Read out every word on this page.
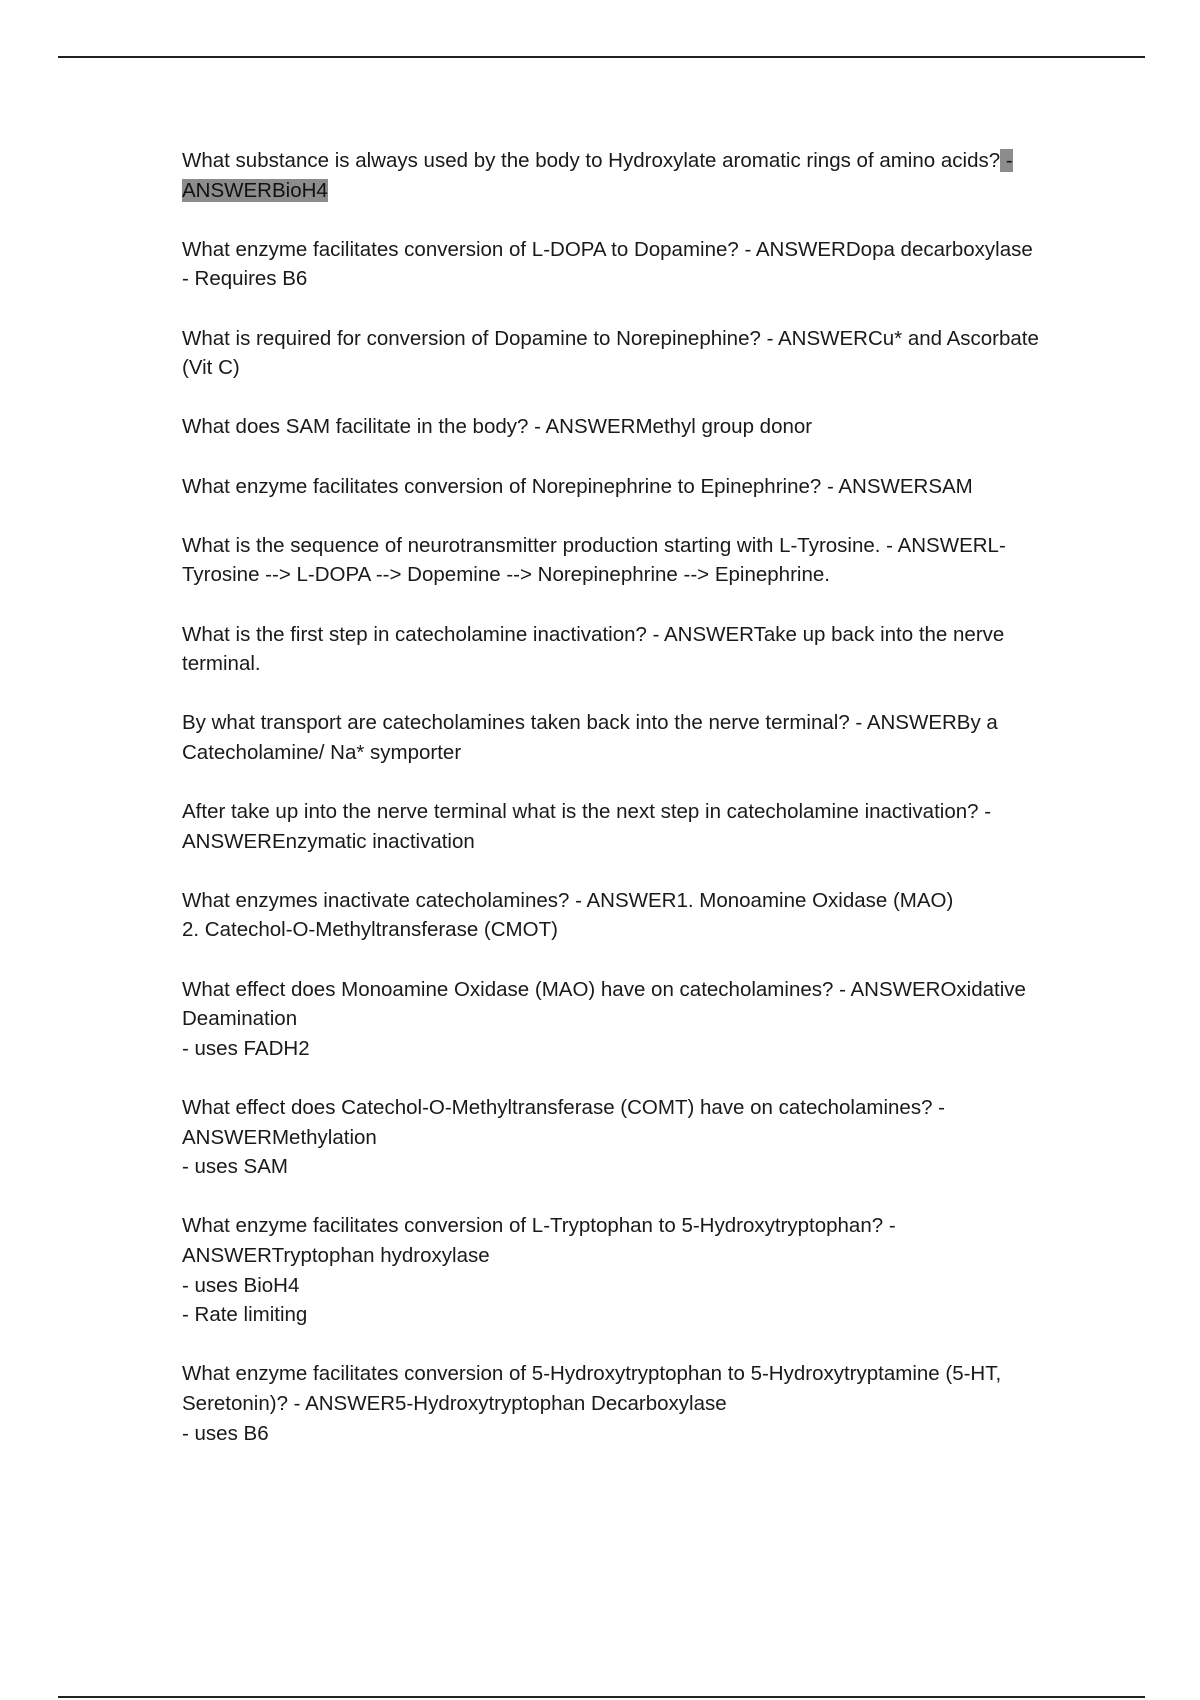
What substance is always used by the body to Hydroxylate aromatic rings of amino acids? - ANSWERBioH4

What enzyme facilitates conversion of L-DOPA to Dopamine? - ANSWERDopa decarboxylase

- Requires B6

What is required for conversion of Dopamine to Norepinephine? - ANSWERCu* and Ascorbate (Vit C)

What does SAM facilitate in the body? - ANSWERMethyl group donor

What enzyme facilitates conversion of Norepinephrine to Epinephrine? - ANSWERSAM

What is the sequence of neurotransmitter production starting with L-Tyrosine. - ANSWERL-Tyrosine --> L-DOPA --> Dopemine --> Norepinephrine --> Epinephrine.

What is the first step in catecholamine inactivation? - ANSWERTake up back into the nerve terminal.

By what transport are catecholamines taken back into the nerve terminal? - ANSWERBy a Catecholamine/ Na* symporter

After take up into the nerve terminal what is the next step in catecholamine inactivation? - ANSWEREnzymatic inactivation

What enzymes inactivate catecholamines? - ANSWER1. Monoamine Oxidase (MAO)

2. Catechol-O-Methyltransferase (CMOT)

What effect does Monoamine Oxidase (MAO) have on catecholamines? - ANSWEROxidative Deamination

- uses FADH2

What effect does Catechol-O-Methyltransferase (COMT) have on catecholamines? - ANSWERMethylation

- uses SAM

What enzyme facilitates conversion of L-Tryptophan to 5-Hydroxytryptophan? - ANSWERTryptophan hydroxylase

- uses BioH4

- Rate limiting

What enzyme facilitates conversion of 5-Hydroxytryptophan to 5-Hydroxytryptamine (5-HT, Seretonin)? - ANSWER5-Hydroxytryptophan Decarboxylase

- uses B6
